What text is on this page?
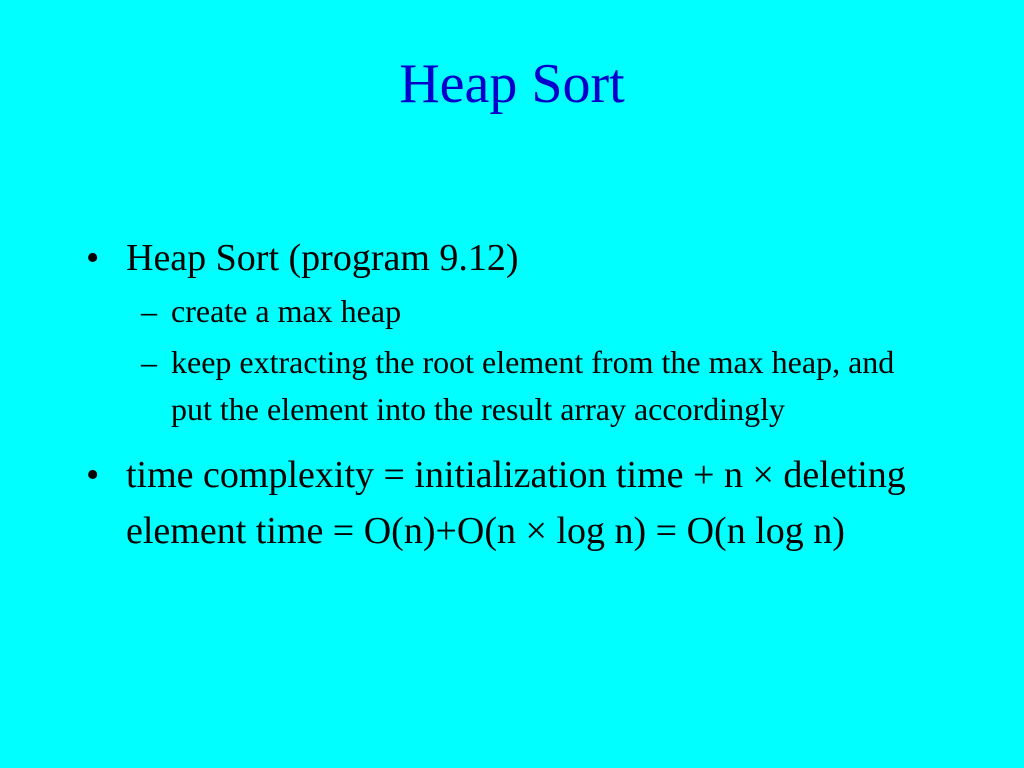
Heap Sort
• Heap Sort (program 9.12)
– create a max heap
– keep extracting the root element from the max heap, and put the element into the result array accordingly
• time complexity = initialization time + n × deleting element time = O(n)+O(n × log n) = O(n log n)
